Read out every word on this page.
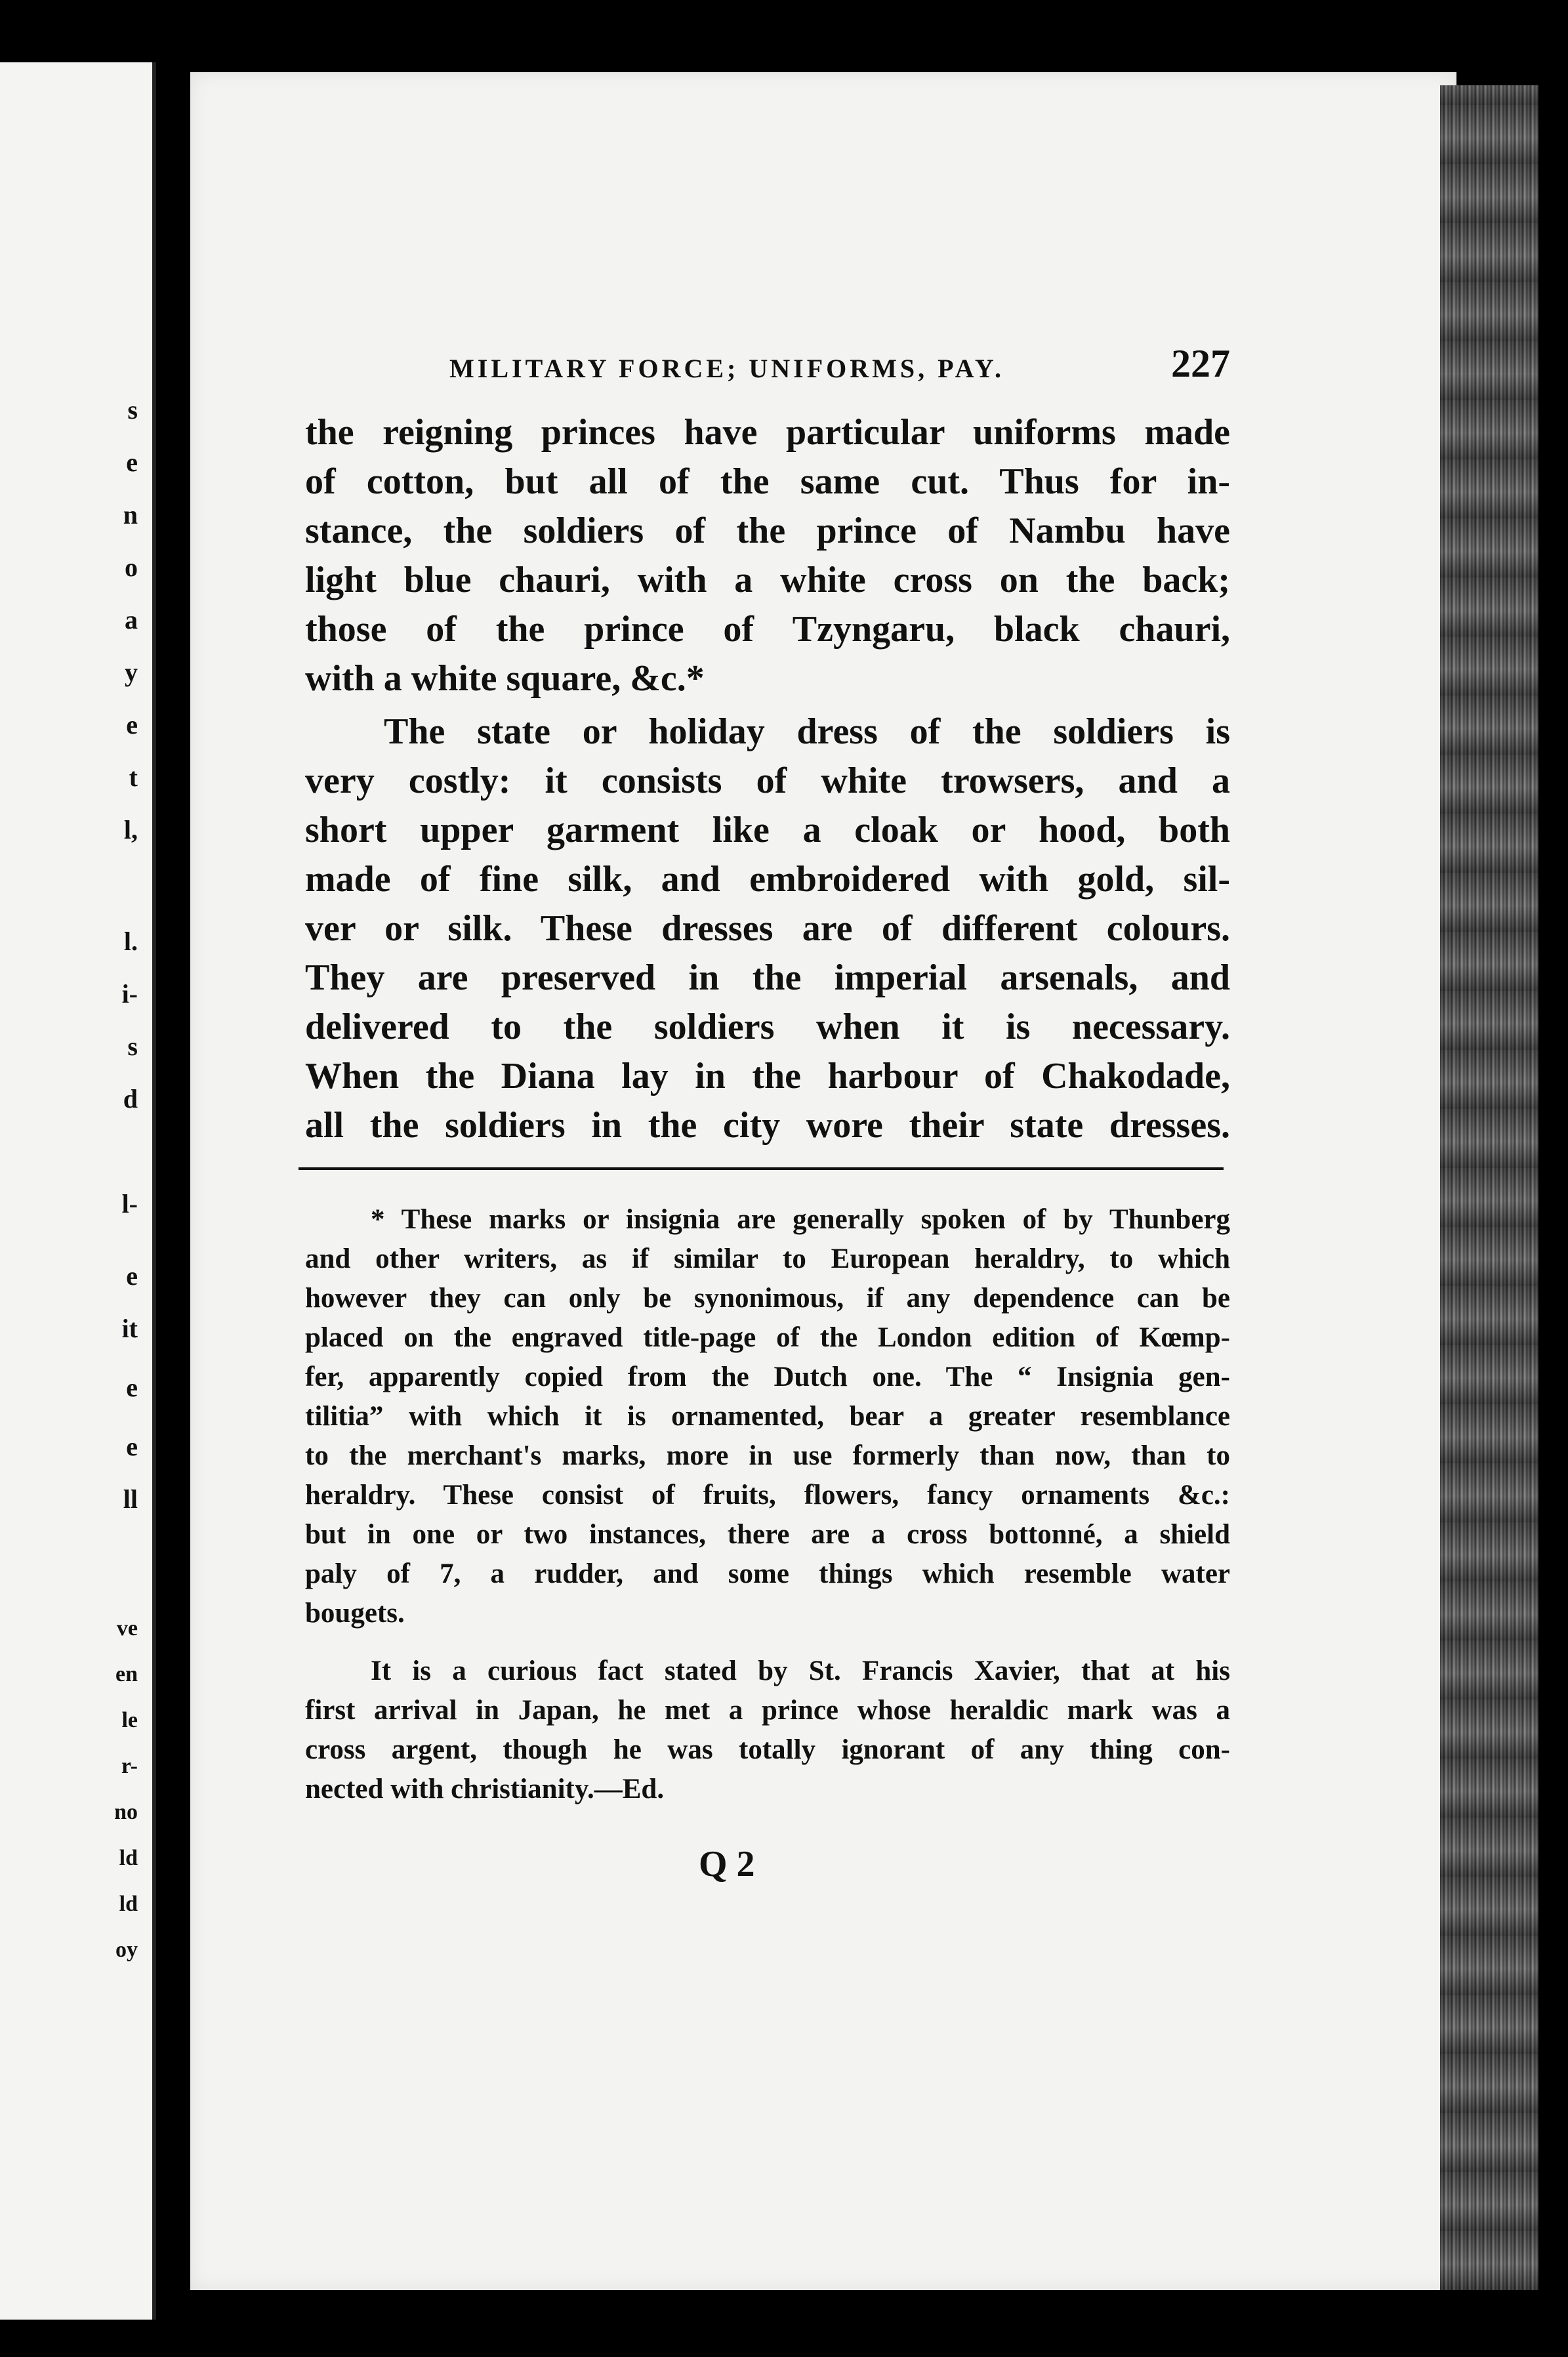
s
e
n
o
a
y
e
t
l,
l.
i-
s
d
l-
e
it
e
e
ll
ve
en
le
r-
no
ld
ld
oy
MILITARY FORCE; UNIFORMS, PAY.	227
the reigning princes have particular uniforms made
of cotton, but all of the same cut. Thus for in-
stance, the soldiers of the prince of Nambu have
light blue chauri, with a white cross on the back;
those of the prince of Tzyngaru, black chauri,
with a white square, &c.*
The state or holiday dress of the soldiers is
very costly: it consists of white trowsers, and a
short upper garment like a cloak or hood, both
made of fine silk, and embroidered with gold, sil-
ver or silk. These dresses are of different colours.
They are preserved in the imperial arsenals, and
delivered to the soldiers when it is necessary.
When the Diana lay in the harbour of Chakodade,
all the soldiers in the city wore their state dresses.
* These marks or insignia are generally spoken of by Thunberg
and other writers, as if similar to European heraldry, to which
however they can only be synonimous, if any dependence can be
placed on the engraved title-page of the London edition of Kœmp-
fer, apparently copied from the Dutch one. The “ Insignia gen-
tilitia” with which it is ornamented, bear a greater resemblance
to the merchant's marks, more in use formerly than now, than to
heraldry. These consist of fruits, flowers, fancy ornaments &c.:
but in one or two instances, there are a cross bottonné, a shield
paly of 7, a rudder, and some things which resemble water
bougets.
It is a curious fact stated by St. Francis Xavier, that at his
first arrival in Japan, he met a prince whose heraldic mark was a
cross argent, though he was totally ignorant of any thing con-
nected with christianity.—Ed.
Q 2
